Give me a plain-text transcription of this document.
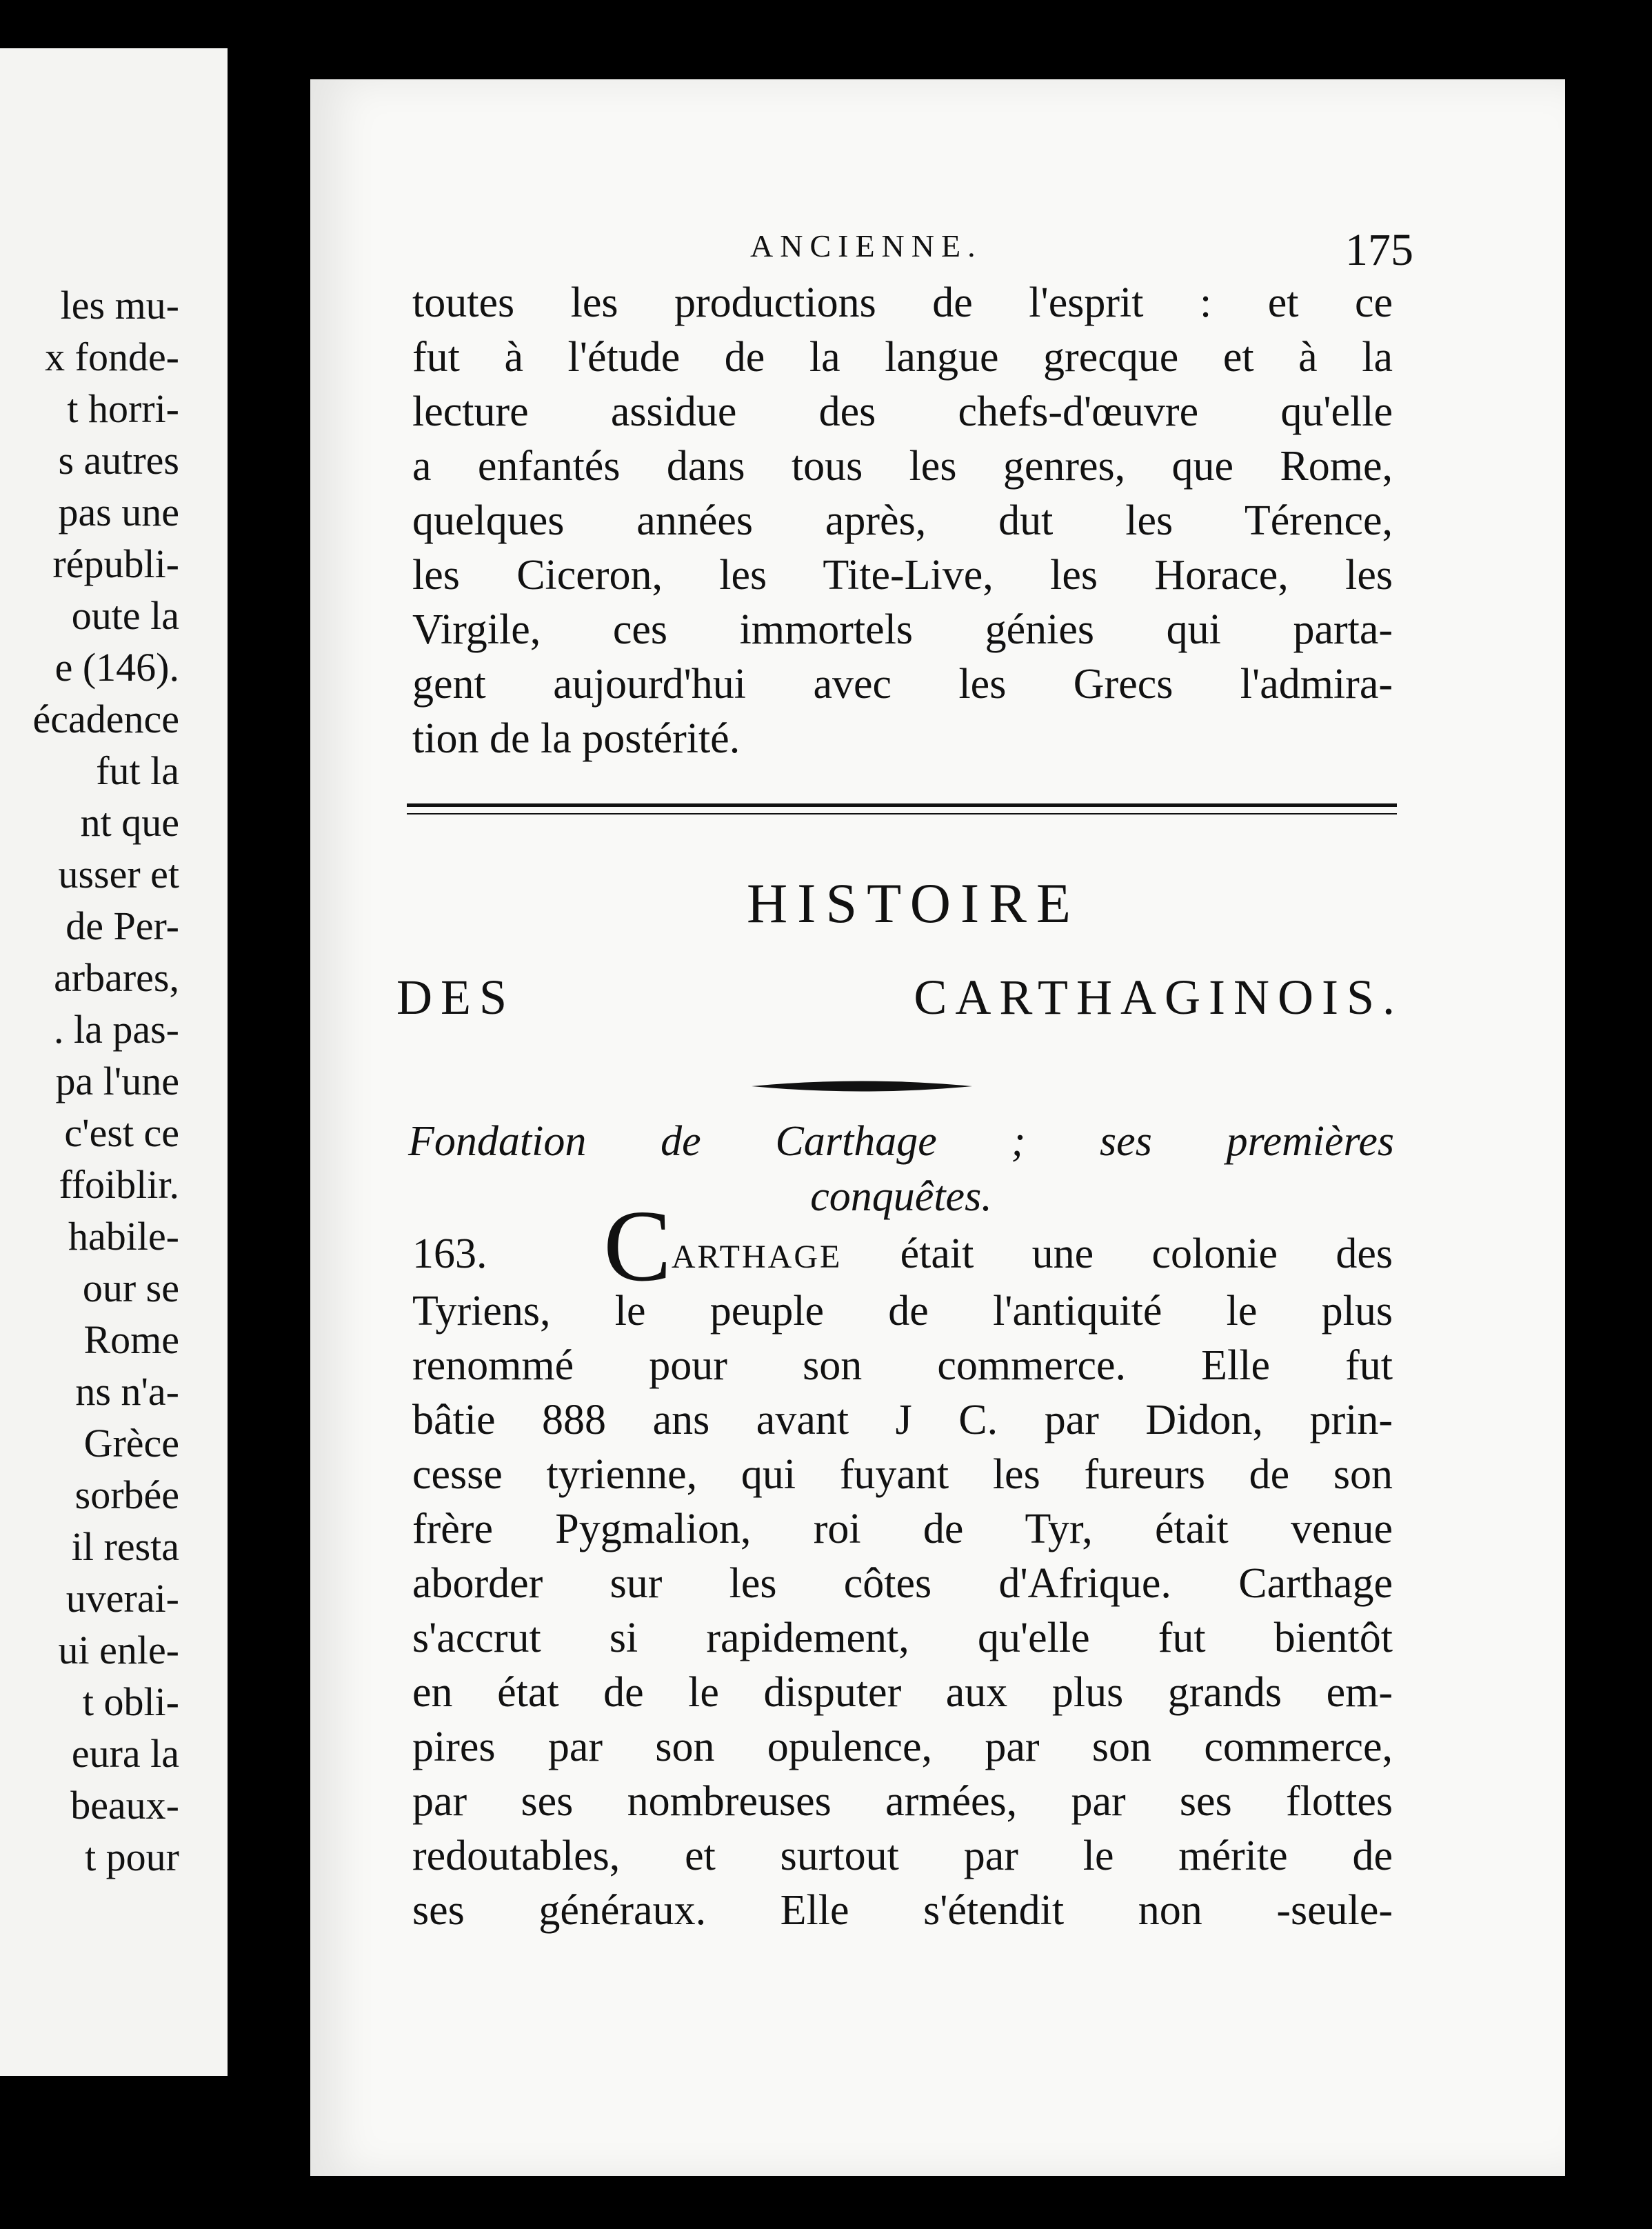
les mu-
x fonde-
t horri-
s autres
pas une
républi-
oute la
e (146).
écadence
fut la
nt que
usser et
de Per-
arbares,
. la pas-
pa l'une
c'est ce
ffoiblir.
habile-
our se
Rome
ns n'a-
Grèce
sorbée
il resta
uverai-
ui enle-
t obli-
eura la
beaux-
t pour
ANCIENNE.	175
toutes les productions de l'esprit : et ce
fut à l'étude de la langue grecque et à la
lecture assidue des chefs-d'œuvre qu'elle
a enfantés dans tous les genres, que Rome,
quelques années après, dut les Térence,
les Ciceron, les Tite-Live, les Horace, les
Virgile, ces immortels génies qui parta-
gent aujourd'hui avec les Grecs l'admira-
tion de la postérité.
HISTOIRE
DES CARTHAGINOIS.
Fondation de Carthage ; ses premières
conquêtes.
163. CARTHAGE était une colonie des
Tyriens, le peuple de l'antiquité le plus
renommé pour son commerce. Elle fut
bâtie 888 ans avant J C. par Didon, prin-
cesse tyrienne, qui fuyant les fureurs de son
frère Pygmalion, roi de Tyr, était venue
aborder sur les côtes d'Afrique. Carthage
s'accrut si rapidement, qu'elle fut bientôt
en état de le disputer aux plus grands em-
pires par son opulence, par son commerce,
par ses nombreuses armées, par ses flottes
redoutables, et surtout par le mérite de
ses généraux. Elle s'étendit non -seule-
